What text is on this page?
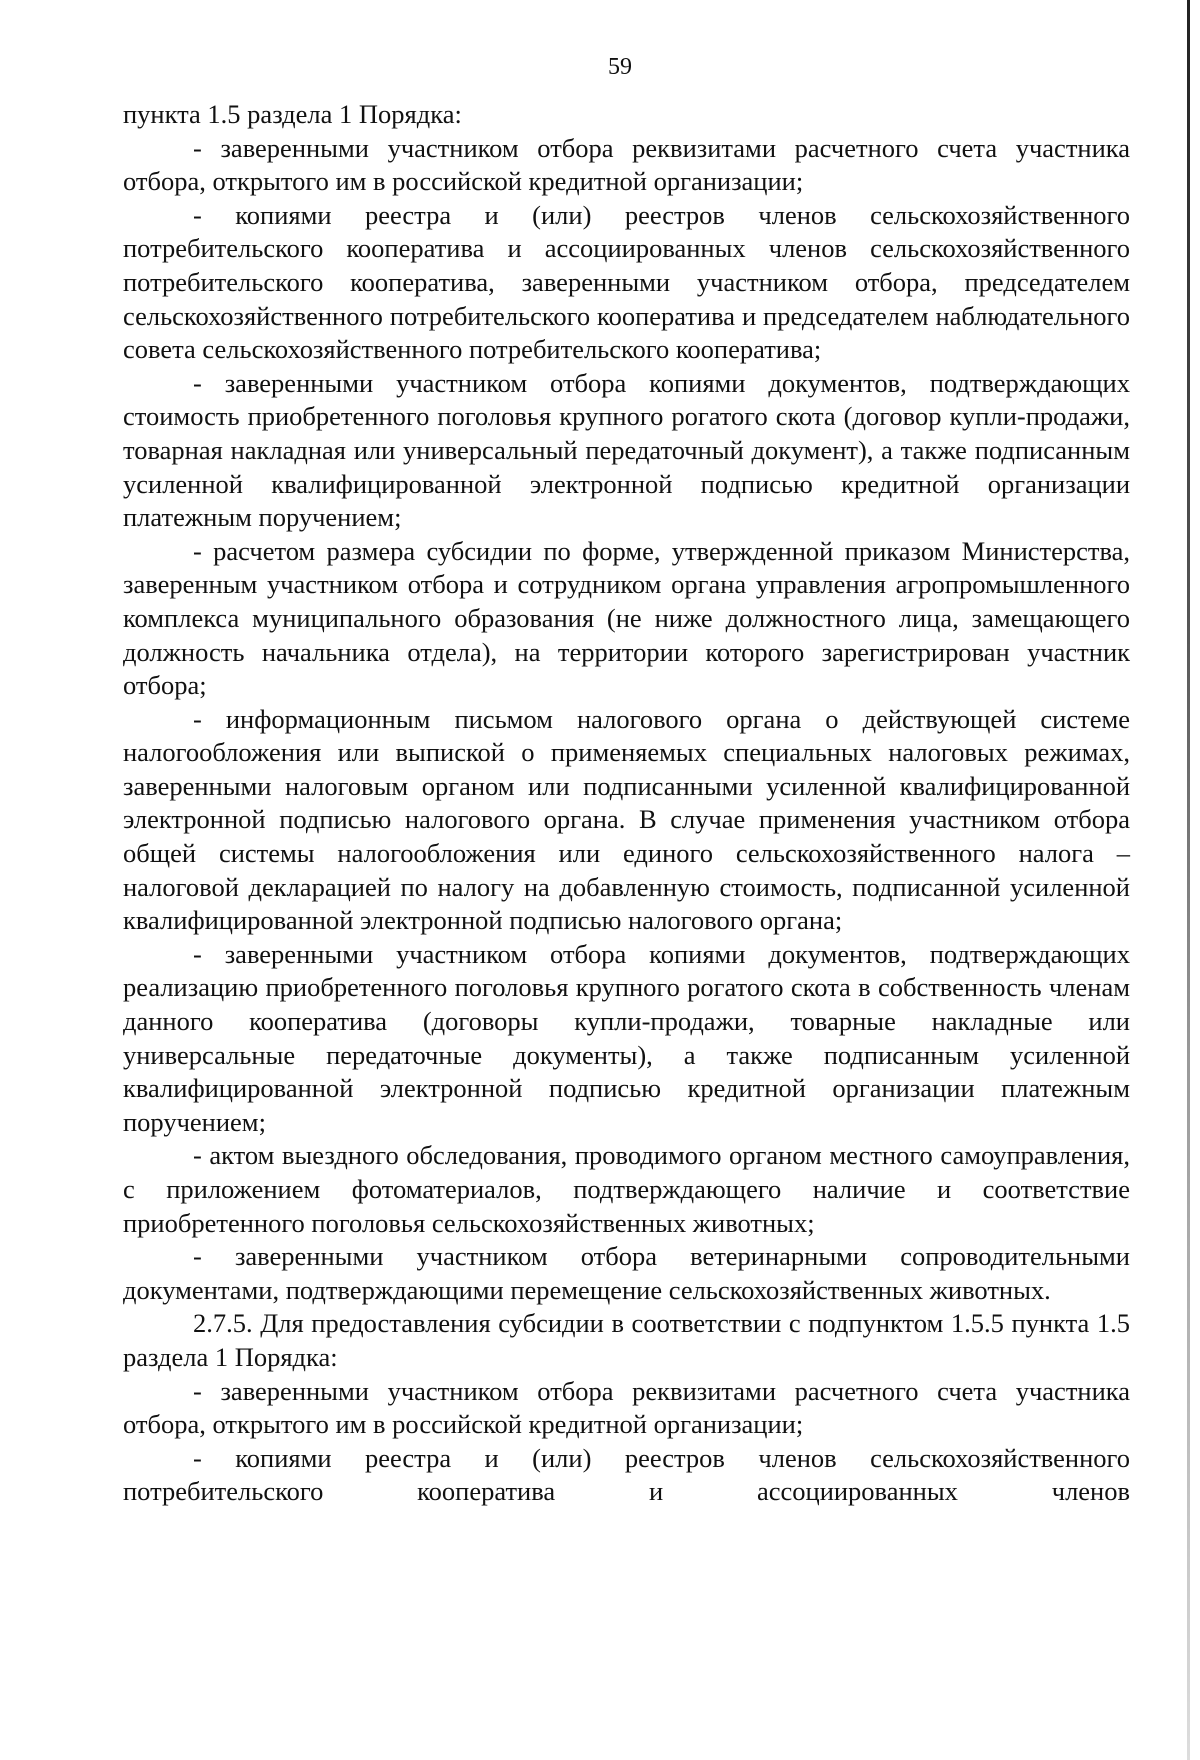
59

пункта 1.5 раздела 1 Порядка:

- заверенными участником отбора реквизитами расчетного счета участника отбора, открытого им в российской кредитной организации;

- копиями реестра и (или) реестров членов сельскохозяйственного потребительского кооператива и ассоциированных членов сельскохозяйственного потребительского кооператива, заверенными участником отбора, председателем сельскохозяйственного потребительского кооператива и председателем наблюдательного совета сельскохозяйственного потребительского кооператива;

- заверенными участником отбора копиями документов, подтверждающих стоимость приобретенного поголовья крупного рогатого скота (договор купли-продажи, товарная накладная или универсальный передаточный документ), а также подписанным усиленной квалифицированной электронной подписью кредитной организации платежным поручением;

- расчетом размера субсидии по форме, утвержденной приказом Министерства, заверенным участником отбора и сотрудником органа управления агропромышленного комплекса муниципального образования (не ниже должностного лица, замещающего должность начальника отдела), на территории которого зарегистрирован участник отбора;

- информационным письмом налогового органа о действующей системе налогообложения или выпиской о применяемых специальных налоговых режимах, заверенными налоговым органом или подписанными усиленной квалифицированной электронной подписью налогового органа. В случае применения участником отбора общей системы налогообложения или единого сельскохозяйственного налога – налоговой декларацией по налогу на добавленную стоимость, подписанной усиленной квалифицированной электронной подписью налогового органа;

- заверенными участником отбора копиями документов, подтверждающих реализацию приобретенного поголовья крупного рогатого скота в собственность членам данного кооператива (договоры купли-продажи, товарные накладные или универсальные передаточные документы), а также подписанным усиленной квалифицированной электронной подписью кредитной организации платежным поручением;

- актом выездного обследования, проводимого органом местного самоуправления, с приложением фотоматериалов, подтверждающего наличие и соответствие приобретенного поголовья сельскохозяйственных животных;

- заверенными участником отбора ветеринарными сопроводительными документами, подтверждающими перемещение сельскохозяйственных животных.

2.7.5. Для предоставления субсидии в соответствии с подпунктом 1.5.5 пункта 1.5 раздела 1 Порядка:

- заверенными участником отбора реквизитами расчетного счета участника отбора, открытого им в российской кредитной организации;

- копиями реестра и (или) реестров членов сельскохозяйственного потребительского кооператива и ассоциированных членов
